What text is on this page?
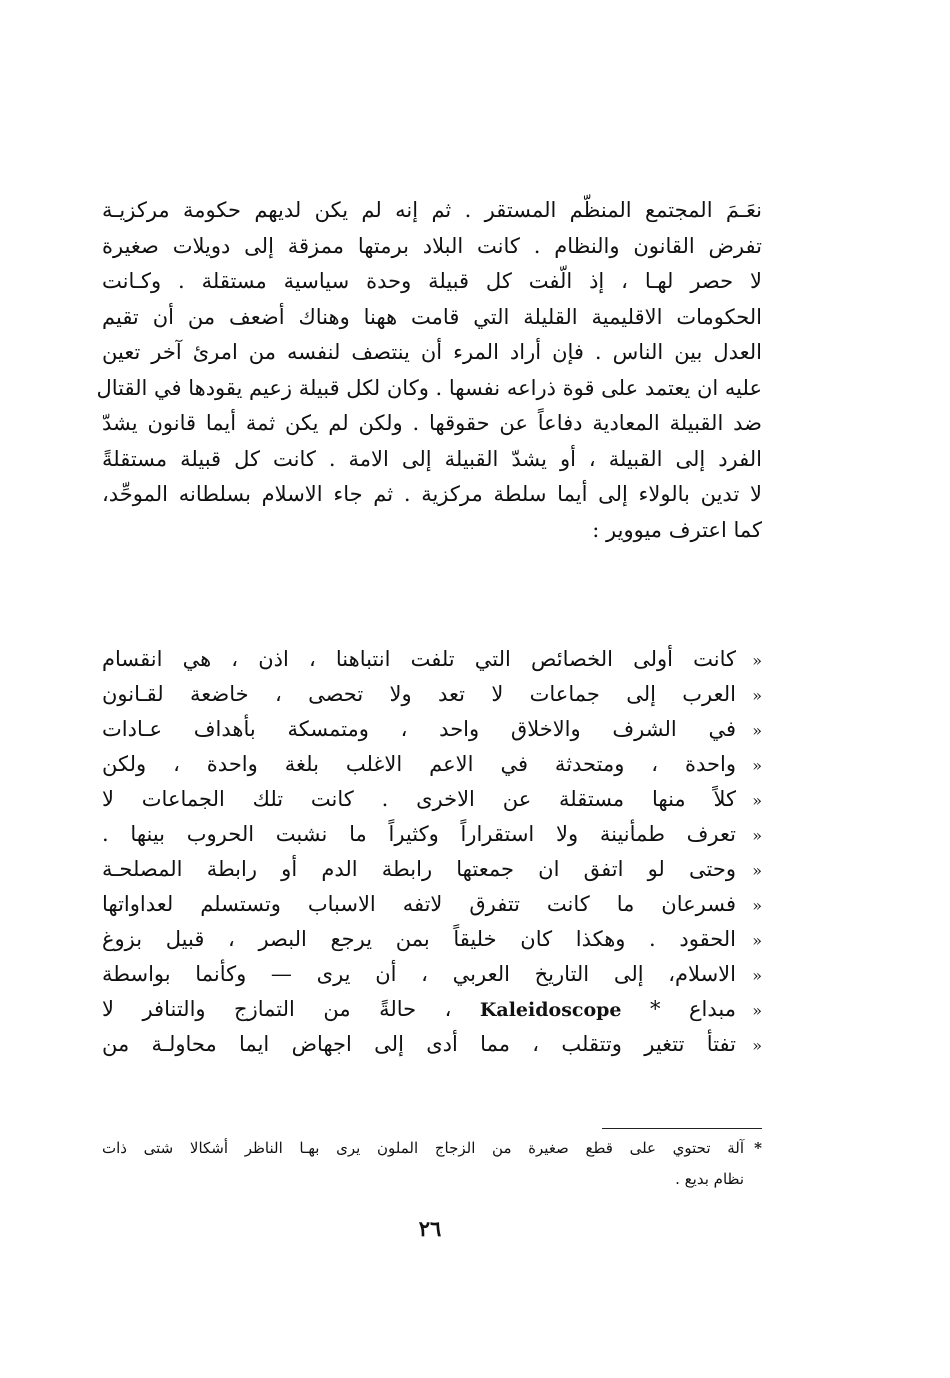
نعَـمَ المجتمع المنظّم المستقر . ثم إنه لم يكن لديهم حكومة مركزيـة
تفرض القانون والنظام . كانت البلاد برمتها ممزقة إلى دويلات صغيرة
لا حصر لهـا ، إذ الّفت كل قبيلة وحدة سياسية مستقلة . وكـانت
الحكومات الاقليمية القليلة التي قامت ههنا وهناك أضعف من أن تقيم
العدل بين الناس . فإن أراد المرء أن ينتصف لنفسه من امرئ آخر تعين
عليه ان يعتمد على قوة ذراعه نفسها . وكان لكل قبيلة زعيم يقودها في القتال
ضد القبيلة المعادية دفاعاً عن حقوقها . ولكن لم يكن ثمة أيما قانون يشدّ
الفرد إلى القبيلة ، أو يشدّ القبيلة إلى الامة . كانت كل قبيلة مستقلةً
لا تدين بالولاء إلى أيما سلطة مركزية . ثم جاء الاسلام بسلطانه الموحِّد،
كما اعترف ميووير :
«كانت أولى الخصائص التي تلفت انتباهنا ، اذن ، هي انقسام
«العرب إلى جماعات لا تعد ولا تحصى ، خاضعة لقـانون
«في الشرف والاخلاق واحد ، ومتمسكة بأهداف عـادات
«واحدة ، ومتحدثة في الاعم الاغلب بلغة واحدة ، ولكن
«كلاً منها مستقلة عن الاخرى . كانت تلك الجماعات لا
«تعرف طمأنينة ولا استقراراً وكثيراً ما نشبت الحروب بينها .
«وحتى لو اتفق ان جمعتها رابطة الدم أو رابطة المصلحـة
«فسرعان ما كانت تتفرق لاتفه الاسباب وتستسلم لعداواتها
«الحقود . وهكذا كان خليقاً بمن يرجع البصر ، قبيل بزوغ
«الاسلام، إلى التاريخ العربي ، أن يرى — وكأنما بواسطة
«مبداع * Kaleidoscope ، حالةً من التمازج والتنافر لا
«تفتأ تتغير وتتقلب ، مما أدى إلى اجهاض ايما محاولـة من
*آلة تحتوي على قطع صغيرة من الزجاج الملون يرى بهـا الناظر أشكالا شتى ذات
نظام بديع .
٢٦
